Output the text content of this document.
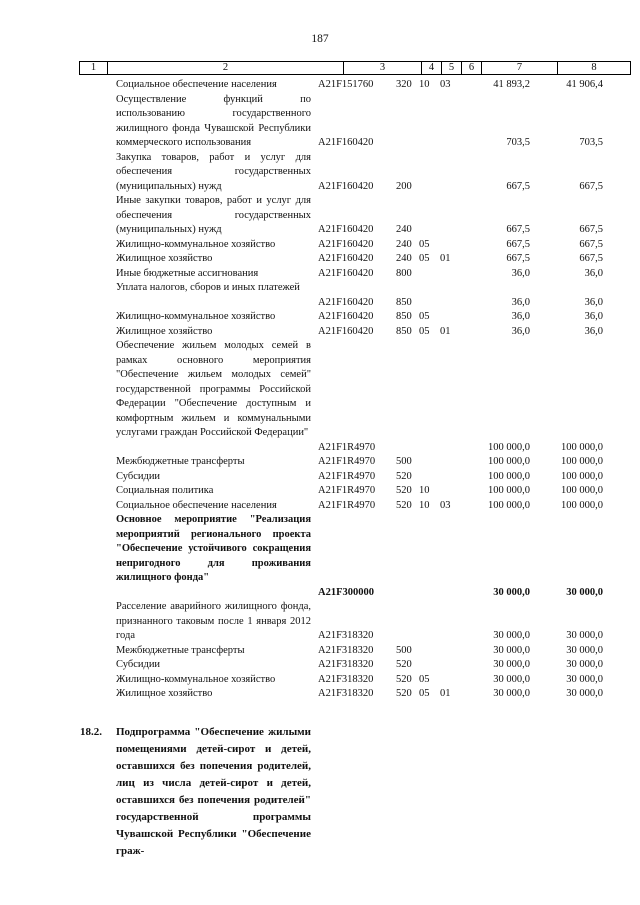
187
1	2	3	4	5	6	7	8
Социальное обеспечение населения	А21F151760 320 10 03	41 893,2	41 906,4
Осуществление функций по использованию государственного жилищного фонда Чувашской Республики коммерческого использования	А21F160420	703,5	703,5
Закупка товаров, работ и услуг для обеспечения государственных (муниципальных) нужд	А21F160420 200	667,5	667,5
Иные закупки товаров, работ и услуг для обеспечения государственных (муниципальных) нужд	А21F160420 240	667,5	667,5
Жилищно-коммунальное хозяйство	А21F160420 240 05	667,5	667,5
Жилищное хозяйство	А21F160420 240 05 01	667,5	667,5
Иные бюджетные ассигнования	А21F160420 800	36,0	36,0
Уплата налогов, сборов и иных платежей
А21F160420 850	36,0	36,0
Жилищно-коммунальное хозяйство	А21F160420 850 05	36,0	36,0
Жилищное хозяйство	А21F160420 850 05 01	36,0	36,0
Обеспечение жильем молодых семей в рамках основного мероприятия "Обеспечение жильем молодых семей" государственной программы Российской Федерации "Обеспечение доступным и комфортным жильем и коммунальными услугами граждан Российской Федерации"
А21F1R4970	100 000,0	100 000,0
Межбюджетные трансферты	А21F1R4970 500	100 000,0	100 000,0
Субсидии	А21F1R4970 520	100 000,0	100 000,0
Социальная политика	А21F1R4970 520 10	100 000,0	100 000,0
Социальное обеспечение населения	А21F1R4970 520 10 03	100 000,0	100 000,0
Основное мероприятие "Реализация мероприятий регионального проекта "Обеспечение устойчивого сокращения непригодного для проживания жилищного фонда"
А21F300000	30 000,0	30 000,0
Расселение аварийного жилищного фонда, признанного таковым после 1 января 2012 года	А21F318320	30 000,0	30 000,0
Межбюджетные трансферты	А21F318320 500	30 000,0	30 000,0
Субсидии	А21F318320 520	30 000,0	30 000,0
Жилищно-коммунальное хозяйство	А21F318320 520 05	30 000,0	30 000,0
Жилищное хозяйство	А21F318320 520 05 01	30 000,0	30 000,0
18.2. Подпрограмма "Обеспечение жилыми помещениями детей-сирот и детей, оставшихся без попечения родителей, лиц из числа детей-сирот и детей, оставшихся без попечения родителей" государственной программы Чувашской Республики "Обеспечение граж-
